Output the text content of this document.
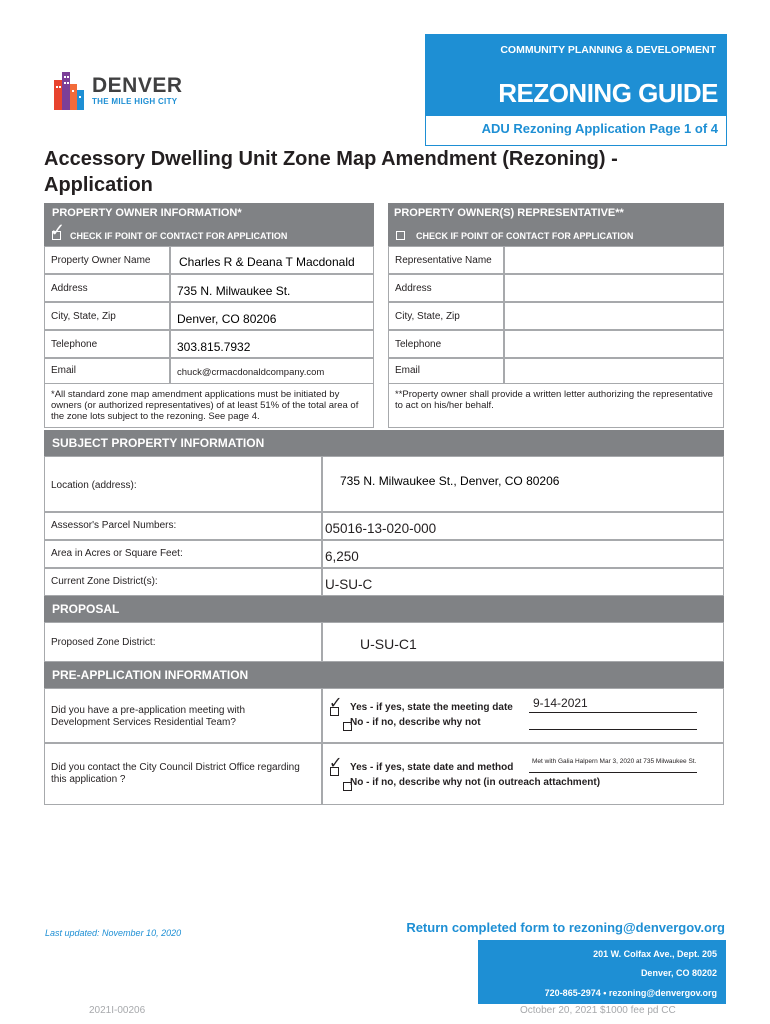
COMMUNITY PLANNING & DEVELOPMENT
REZONING GUIDE
ADU Rezoning Application Page 1 of 4
DENVER
THE MILE HIGH CITY
Accessory Dwelling Unit Zone Map Amendment (Rezoning) -
Application
PROPERTY OWNER INFORMATION*	PROPERTY OWNER(S) REPRESENTATIVE**
✓ CHECK IF POINT OF CONTACT FOR APPLICATION	CHECK IF POINT OF CONTACT FOR APPLICATION
Property Owner Name Charles R & Deana T Macdonald
Address	735 N. Milwaukee St.
City, State, Zip	Denver, CO 80206
Telephone	303.815.7932
Email	chuck@crmacdonaldcompany.com
Representative Name
Address
City, State, Zip
Telephone
Email
*All standard zone map amendment applications must be initiated by owners (or authorized representatives) of at least 51% of the total area of the zone lots subject to the rezoning. See page 4.
**Property owner shall provide a written letter authorizing the representative to act on his/her behalf.
SUBJECT PROPERTY INFORMATION
Location (address):	735 N. Milwaukee St., Denver, CO 80206
Assessor's Parcel Numbers:	05016-13-020-000
Area in Acres or Square Feet:	6,250
Current Zone District(s):	U-SU-C
PROPOSAL
Proposed Zone District:	U-SU-C1
PRE-APPLICATION INFORMATION
Did you have a pre-application meeting with Development Services Residential Team?

✓ Yes - if yes, state the meeting date 9-14-2021
No - if no, describe why not
Did you contact the City Council District Office regarding this application ?

✓ Yes - if yes, state date and method
Met with Galia Halpern Mar 3, 2020 at 735 Milwaukee St.
No - if no, describe why not (in outreach attachment)
Last updated: November 10, 2020	Return completed form to rezoning@denvergov.org
201 W. Colfax Ave., Dept. 205
Denver, CO 80202
720-865-2974 • rezoning@denvergov.org
2021I-00206	October 20, 2021 $1000 fee pd CC
